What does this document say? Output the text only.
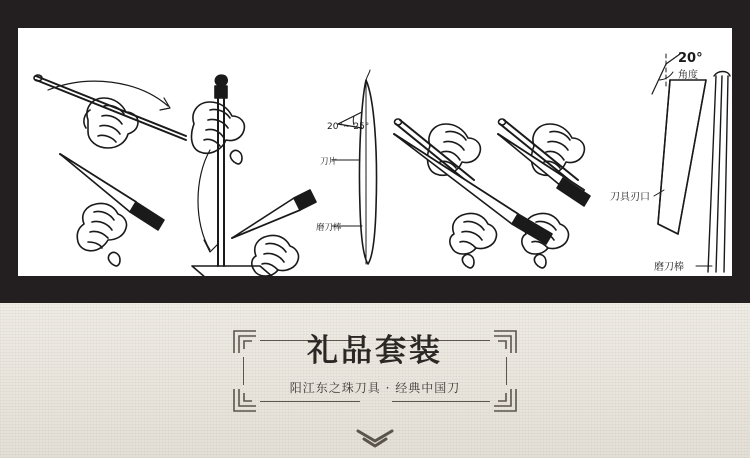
20°~ 25°
刀片
磨刀棒
20°
角度
刀具刃口
磨刀棒
礼品套装
阳江东之珠刀具 · 经典中国刀
